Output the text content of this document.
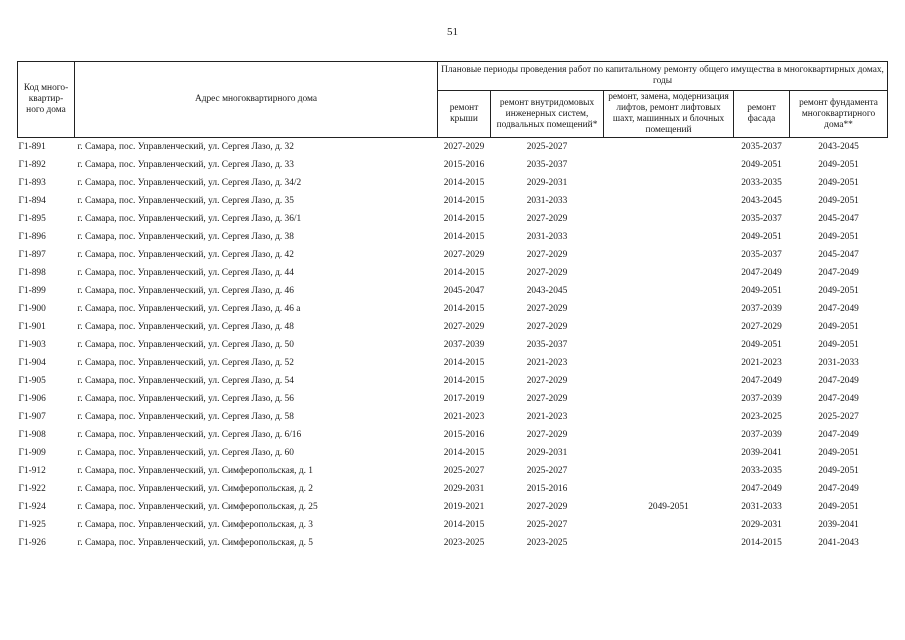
51
Код много-квартир-ного дома	Адрес многоквартирного дома	Плановые периоды проведения работ по капитальному ремонту общего имущества в многоквартирных домах, годы				
		ремонт крыши	ремонт внутридомовых инженерных систем, подвальных помещений*	ремонт, замена, модернизация лифтов, ремонт лифтовых шахт, машинных и блочных помещений	ремонт фасада	ремонт фундамента многоквартирного дома**
Г1-891	г. Самара, пос. Управленческий, ул. Сергея Лазо, д. 32	2027-2029	2025-2027		2035-2037	2043-2045
Г1-892	г. Самара, пос. Управленческий, ул. Сергея Лазо, д. 33	2015-2016	2035-2037		2049-2051	2049-2051
Г1-893	г. Самара, пос. Управленческий, ул. Сергея Лазо, д. 34/2	2014-2015	2029-2031		2033-2035	2049-2051
Г1-894	г. Самара, пос. Управленческий, ул. Сергея Лазо, д. 35	2014-2015	2031-2033		2043-2045	2049-2051
Г1-895	г. Самара, пос. Управленческий, ул. Сергея Лазо, д. 36/1	2014-2015	2027-2029		2035-2037	2045-2047
Г1-896	г. Самара, пос. Управленческий, ул. Сергея Лазо, д. 38	2014-2015	2031-2033		2049-2051	2049-2051
Г1-897	г. Самара, пос. Управленческий, ул. Сергея Лазо, д. 42	2027-2029	2027-2029		2035-2037	2045-2047
Г1-898	г. Самара, пос. Управленческий, ул. Сергея Лазо, д. 44	2014-2015	2027-2029		2047-2049	2047-2049
Г1-899	г. Самара, пос. Управленческий, ул. Сергея Лазо, д. 46	2045-2047	2043-2045		2049-2051	2049-2051
Г1-900	г. Самара, пос. Управленческий, ул. Сергея Лазо, д. 46 а	2014-2015	2027-2029		2037-2039	2047-2049
Г1-901	г. Самара, пос. Управленческий, ул. Сергея Лазо, д. 48	2027-2029	2027-2029		2027-2029	2049-2051
Г1-903	г. Самара, пос. Управленческий, ул. Сергея Лазо, д. 50	2037-2039	2035-2037		2049-2051	2049-2051
Г1-904	г. Самара, пос. Управленческий, ул. Сергея Лазо, д. 52	2014-2015	2021-2023		2021-2023	2031-2033
Г1-905	г. Самара, пос. Управленческий, ул. Сергея Лазо, д. 54	2014-2015	2027-2029		2047-2049	2047-2049
Г1-906	г. Самара, пос. Управленческий, ул. Сергея Лазо, д. 56	2017-2019	2027-2029		2037-2039	2047-2049
Г1-907	г. Самара, пос. Управленческий, ул. Сергея Лазо, д. 58	2021-2023	2021-2023		2023-2025	2025-2027
Г1-908	г. Самара, пос. Управленческий, ул. Сергея Лазо, д. 6/16	2015-2016	2027-2029		2037-2039	2047-2049
Г1-909	г. Самара, пос. Управленческий, ул. Сергея Лазо, д. 60	2014-2015	2029-2031		2039-2041	2049-2051
Г1-912	г. Самара, пос. Управленческий, ул. Симферопольская, д. 1	2025-2027	2025-2027		2033-2035	2049-2051
Г1-922	г. Самара, пос. Управленческий, ул. Симферопольская, д. 2	2029-2031	2015-2016		2047-2049	2047-2049
Г1-924	г. Самара, пос. Управленческий, ул. Симферопольская, д. 25	2019-2021	2027-2029	2049-2051	2031-2033	2049-2051
Г1-925	г. Самара, пос. Управленческий, ул. Симферопольская, д. 3	2014-2015	2025-2027		2029-2031	2039-2041
Г1-926	г. Самара, пос. Управленческий, ул. Симферопольская, д. 5	2023-2025	2023-2025		2014-2015	2041-2043
